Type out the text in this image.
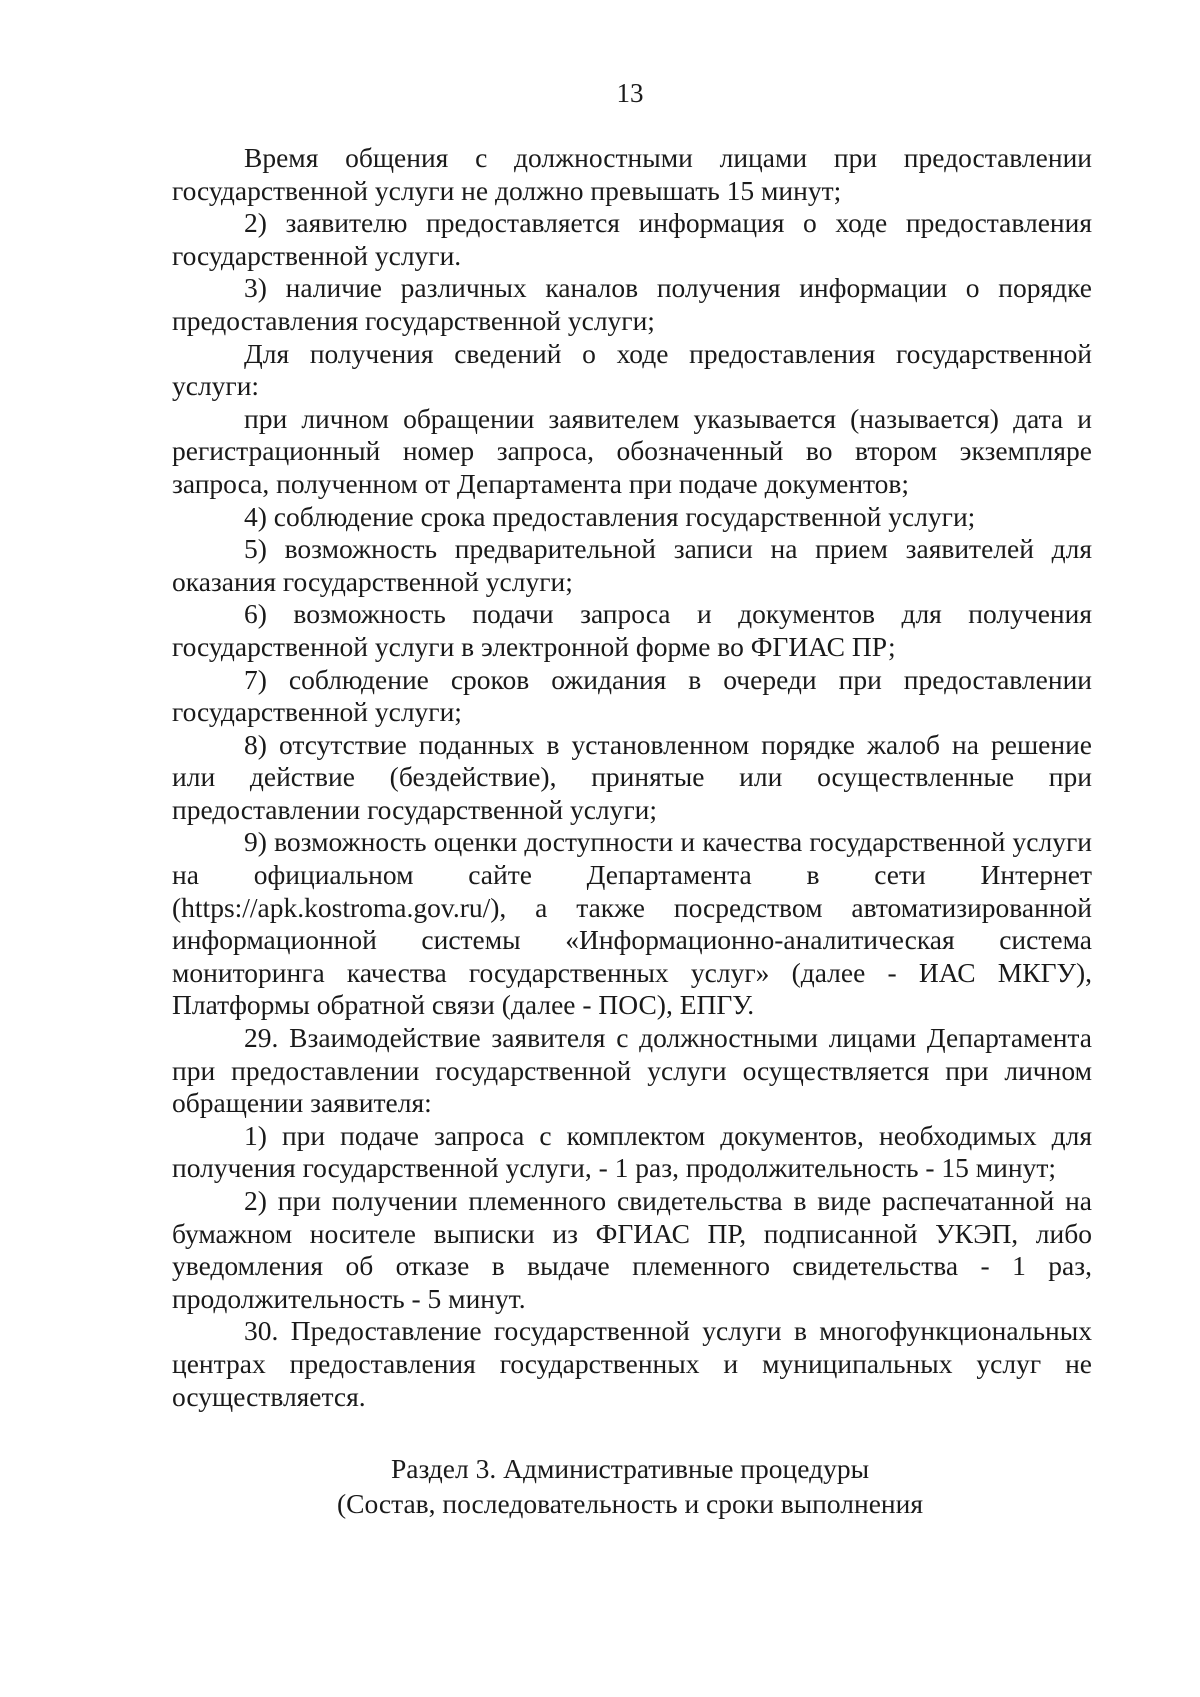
13

Время общения с должностными лицами при предоставлении государственной услуги не должно превышать 15 минут;

2) заявителю предоставляется информация о ходе предоставления государственной услуги.

3) наличие различных каналов получения информации о порядке предоставления государственной услуги;

Для получения сведений о ходе предоставления государственной услуги:

при личном обращении заявителем указывается (называется) дата и регистрационный номер запроса, обозначенный во втором экземпляре запроса, полученном от Департамента при подаче документов;

4) соблюдение срока предоставления государственной услуги;

5) возможность предварительной записи на прием заявителей для оказания государственной услуги;

6) возможность подачи запроса и документов для получения государственной услуги в электронной форме во ФГИАС ПР;

7) соблюдение сроков ожидания в очереди при предоставлении государственной услуги;

8) отсутствие поданных в установленном порядке жалоб на решение или действие (бездействие), принятые или осуществленные при предоставлении государственной услуги;

9) возможность оценки доступности и качества государственной услуги на официальном сайте Департамента в сети Интернет (https://apk.kostroma.gov.ru/), а также посредством автоматизированной информационной системы «Информационно-аналитическая система мониторинга качества государственных услуг» (далее - ИАС МКГУ), Платформы обратной связи (далее - ПОС), ЕПГУ.

29. Взаимодействие заявителя с должностными лицами Департамента при предоставлении государственной услуги осуществляется при личном обращении заявителя:

1) при подаче запроса с комплектом документов, необходимых для получения государственной услуги, - 1 раз, продолжительность - 15 минут;

2) при получении племенного свидетельства в виде распечатанной на бумажном носителе выписки из ФГИАС ПР, подписанной УКЭП, либо уведомления об отказе в выдаче племенного свидетельства - 1 раз, продолжительность - 5 минут.

30. Предоставление государственной услуги в многофункциональных центрах предоставления государственных и муниципальных услуг не осуществляется.

Раздел 3. Административные процедуры
(Состав, последовательность и сроки выполнения
